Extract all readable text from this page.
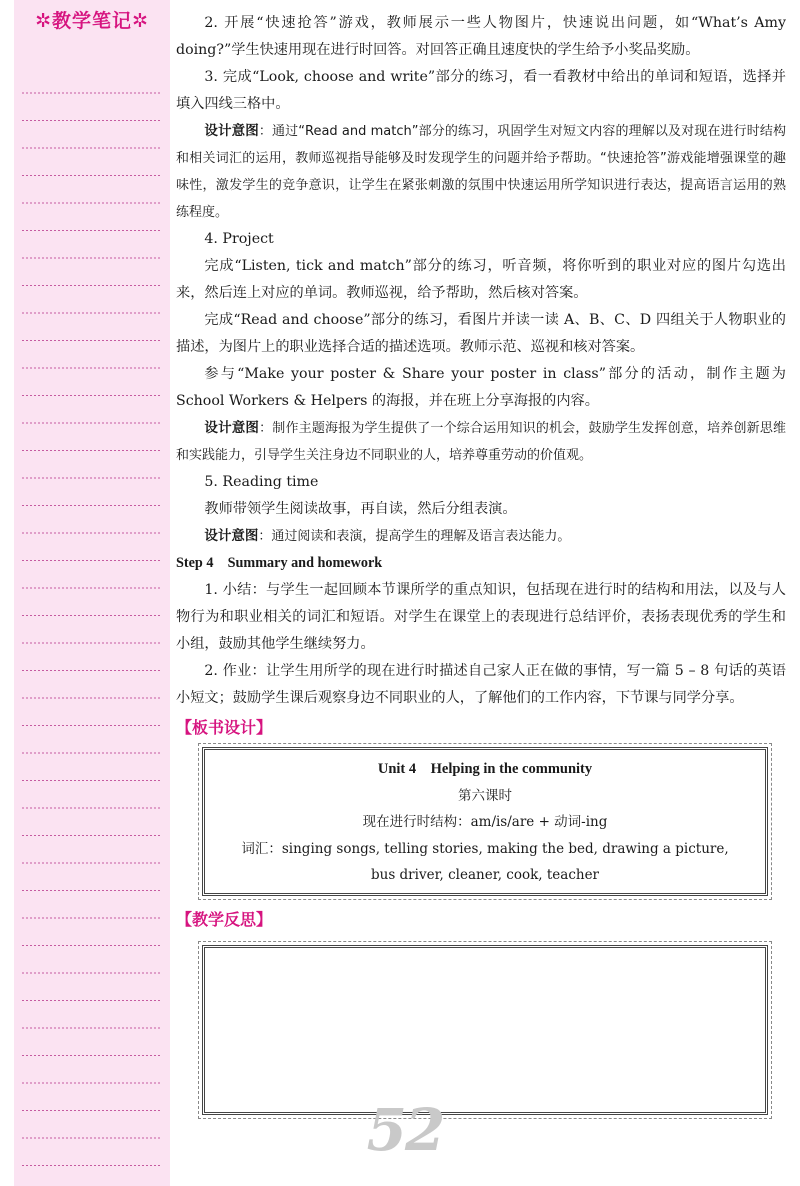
✲教学笔记✲	2. 开展“快速抢答”游戏，教师展示一些人物图片，快速说出问题，如“What’s Amy doing?”学生快速用现在进行时回答。对回答正确且速度快的学生给予小奖品奖励。

3. 完成“Look, choose and write”部分的练习，看一看教材中给出的单词和短语，选择并填入四线三格中。

设计意图：通过“Read and match”部分的练习，巩固学生对短文内容的理解以及对现在进行时结构和相关词汇的运用，教师巡视指导能够及时发现学生的问题并给予帮助。“快速抢答”游戏能增强课堂的趣味性，激发学生的竞争意识，让学生在紧张刺激的氛围中快速运用所学知识进行表达，提高语言运用的熟练程度。

4. Project

完成“Listen, tick and match”部分的练习，听音频，将你听到的职业对应的图片勾选出来，然后连上对应的单词。教师巡视，给予帮助，然后核对答案。

完成“Read and choose”部分的练习，看图片并读一读 A、B、C、D 四组关于人物职业的描述，为图片上的职业选择合适的描述选项。教师示范、巡视和核对答案。

参与“Make your poster & Share your poster in class”部分的活动，制作主题为 School Workers & Helpers 的海报，并在班上分享海报的内容。

设计意图：制作主题海报为学生提供了一个综合运用知识的机会，鼓励学生发挥创意，培养创新思维和实践能力，引导学生关注身边不同职业的人，培养尊重劳动的价值观。

5. Reading time

教师带领学生阅读故事，再自读，然后分组表演。

设计意图：通过阅读和表演，提高学生的理解及语言表达能力。

Step 4　Summary and homework

1. 小结：与学生一起回顾本节课所学的重点知识，包括现在进行时的结构和用法，以及与人物行为和职业相关的词汇和短语。对学生在课堂上的表现进行总结评价，表扬表现优秀的学生和小组，鼓励其他学生继续努力。

2. 作业：让学生用所学的现在进行时描述自己家人正在做的事情，写一篇 5 – 8 句话的英语小短文；鼓励学生课后观察身边不同职业的人，了解他们的工作内容，下节课与同学分享。

【板书设计】

Unit 4　Helping in the community
第六课时
现在进行时结构：am/is/are + 动词-ing
词汇：singing songs, telling stories, making the bed, drawing a picture,
bus driver, cleaner, cook, teacher

【教学反思】

52
